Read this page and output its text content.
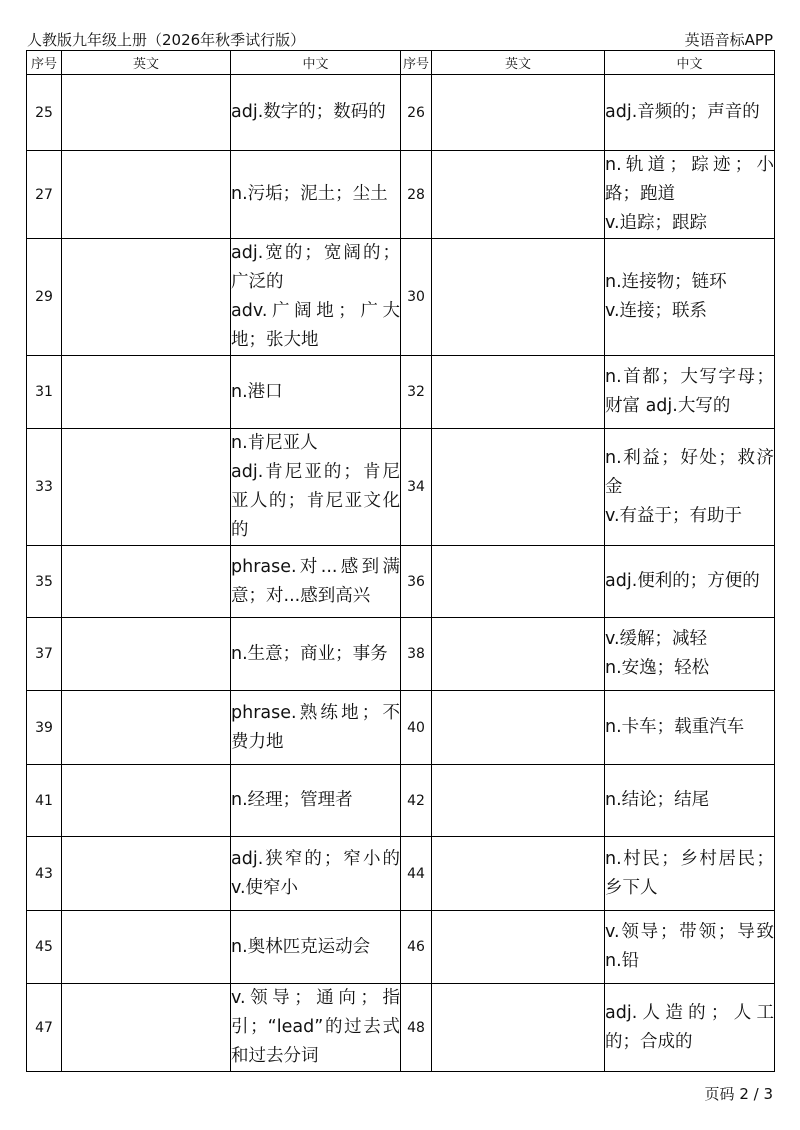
人教版九年级上册（2026年秋季试行版）	英语音标APP
序号	英文	中文	序号	英文	中文
25		adj.数字的；数码的	26		adj.音频的；声音的

27		n.污垢；泥土；尘土	28		n.轨道；踪迹；小路；跑道
v.追踪；跟踪

29		adj.宽的；宽阔的；广泛的
adv.广阔地；广大地；张大地	30		n.连接物；链环
v.连接；联系

31		n.港口	32		n.首都；大写字母；财富 adj.大写的

33		n.肯尼亚人
adj.肯尼亚的；肯尼亚人的；肯尼亚文化的	34		n.利益；好处；救济金
v.有益于；有助于

35		phrase.对...感到满意；对...感到高兴	36		adj.便利的；方便的

37		n.生意；商业；事务	38		v.缓解；减轻
n.安逸；轻松

39		phrase.熟练地；不费力地	40		n.卡车；载重汽车

41		n.经理；管理者	42		n.结论；结尾

43		adj.狭窄的；窄小的 v.使窄小	44		n.村民；乡村居民；乡下人

45		n.奥林匹克运动会	46		v.领导；带领；导致 n.铅

47		v.领导；通向；指引；“lead”的过去式和过去分词	48		adj.人造的；人工的；合成的
页码 2 / 3
